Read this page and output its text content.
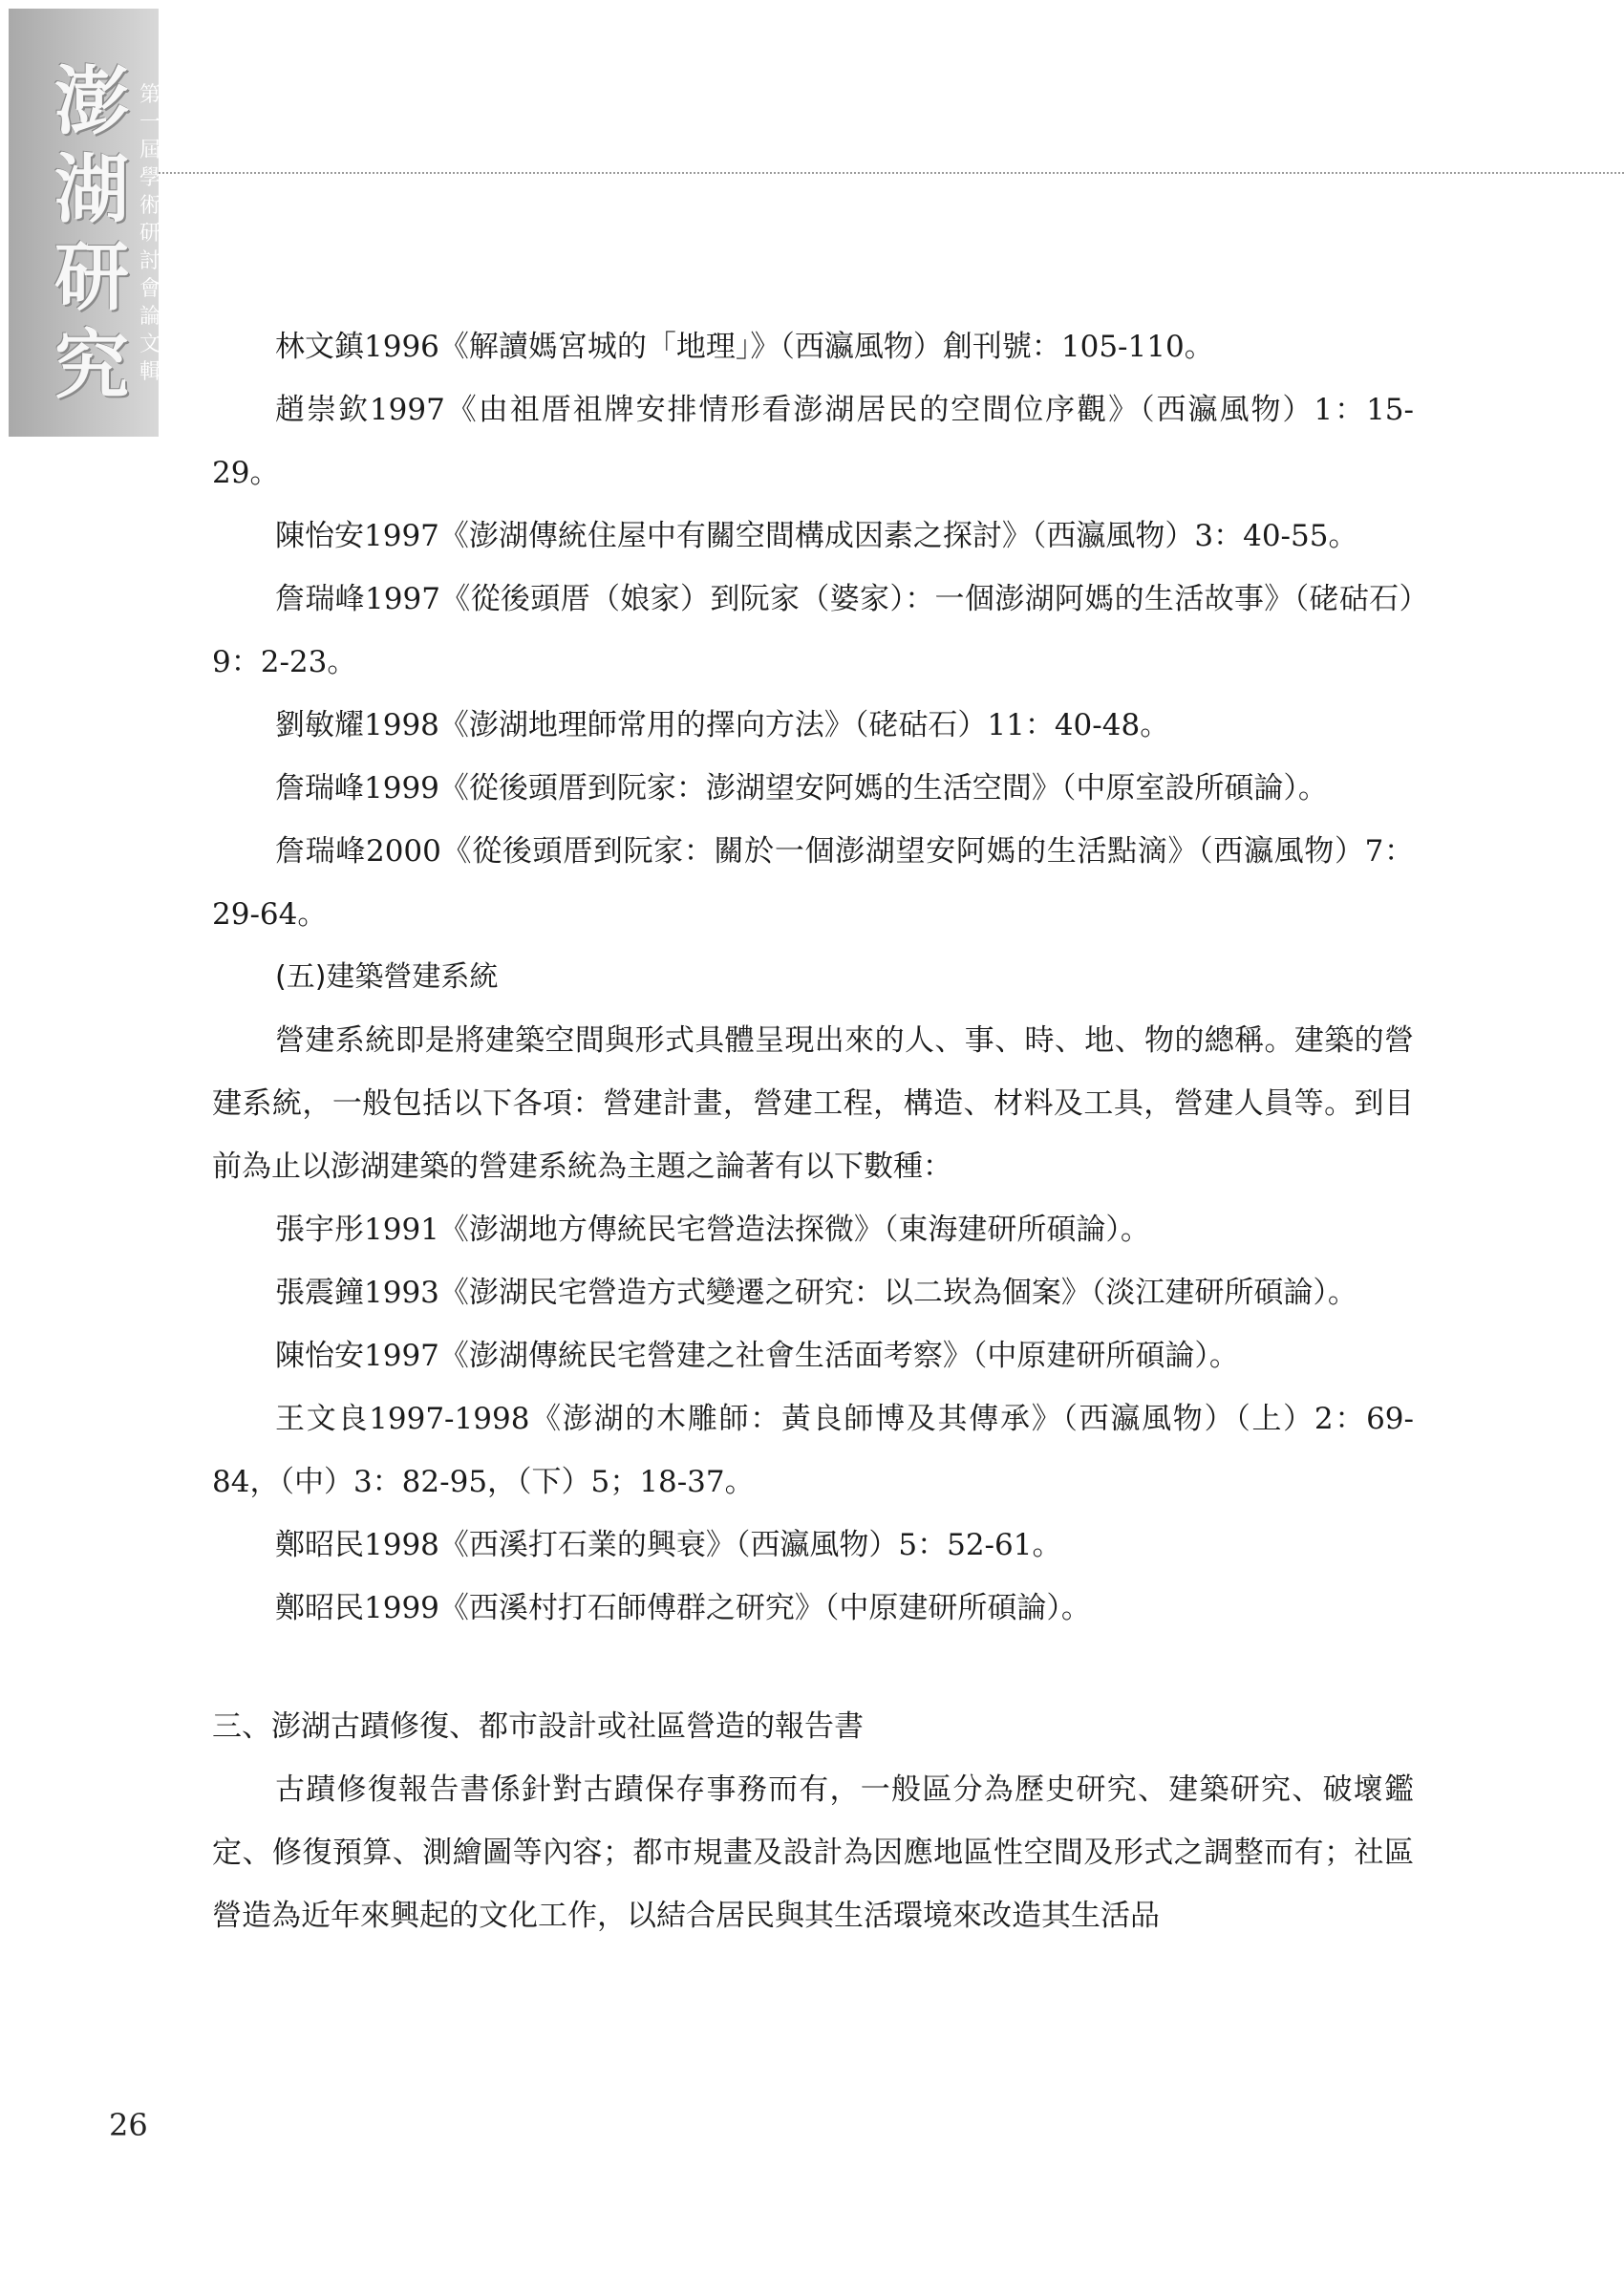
澎
湖
研
究
第
一
屆
學
術
研
討
會
論
文
輯

林文鎮1996《解讀媽宮城的「地理」》（西瀛風物）創刊號：105-110。

趙崇欽1997《由祖厝祖牌安排情形看澎湖居民的空間位序觀》（西瀛風物）1：15-29。

陳怡安1997《澎湖傳統住屋中有關空間構成因素之探討》（西瀛風物）3：40-55。

詹瑞峰1997《從後頭厝（娘家）到阮家（婆家）：一個澎湖阿媽的生活故事》（硓𥑮石）9：2-23。

劉敏耀1998《澎湖地理師常用的擇向方法》（硓𥑮石）11：40-48。

詹瑞峰1999《從後頭厝到阮家：澎湖望安阿媽的生活空間》（中原室設所碩論）。

詹瑞峰2000《從後頭厝到阮家：關於一個澎湖望安阿媽的生活點滴》（西瀛風物）7：29-64。

(五)建築營建系統

營建系統即是將建築空間與形式具體呈現出來的人、事、時、地、物的總稱。建築的營建系統，一般包括以下各項：營建計畫，營建工程，構造、材料及工具，營建人員等。到目前為止以澎湖建築的營建系統為主題之論著有以下數種：

張宇彤1991《澎湖地方傳統民宅營造法探微》（東海建研所碩論）。

張震鐘1993《澎湖民宅營造方式變遷之研究：以二崁為個案》（淡江建研所碩論）。

陳怡安1997《澎湖傳統民宅營建之社會生活面考察》（中原建研所碩論）。

王文良1997-1998《澎湖的木雕師：黃良師博及其傳承》（西瀛風物）（上）2：69-84，（中）3：82-95，（下）5；18-37。

鄭昭民1998《西溪打石業的興衰》（西瀛風物）5：52-61。

鄭昭民1999《西溪村打石師傅群之研究》（中原建研所碩論）。

三、澎湖古蹟修復、都市設計或社區營造的報告書

古蹟修復報告書係針對古蹟保存事務而有，一般區分為歷史研究、建築研究、破壞鑑定、修復預算、測繪圖等內容；都市規畫及設計為因應地區性空間及形式之調整而有；社區營造為近年來興起的文化工作，以結合居民與其生活環境來改造其生活品

26
